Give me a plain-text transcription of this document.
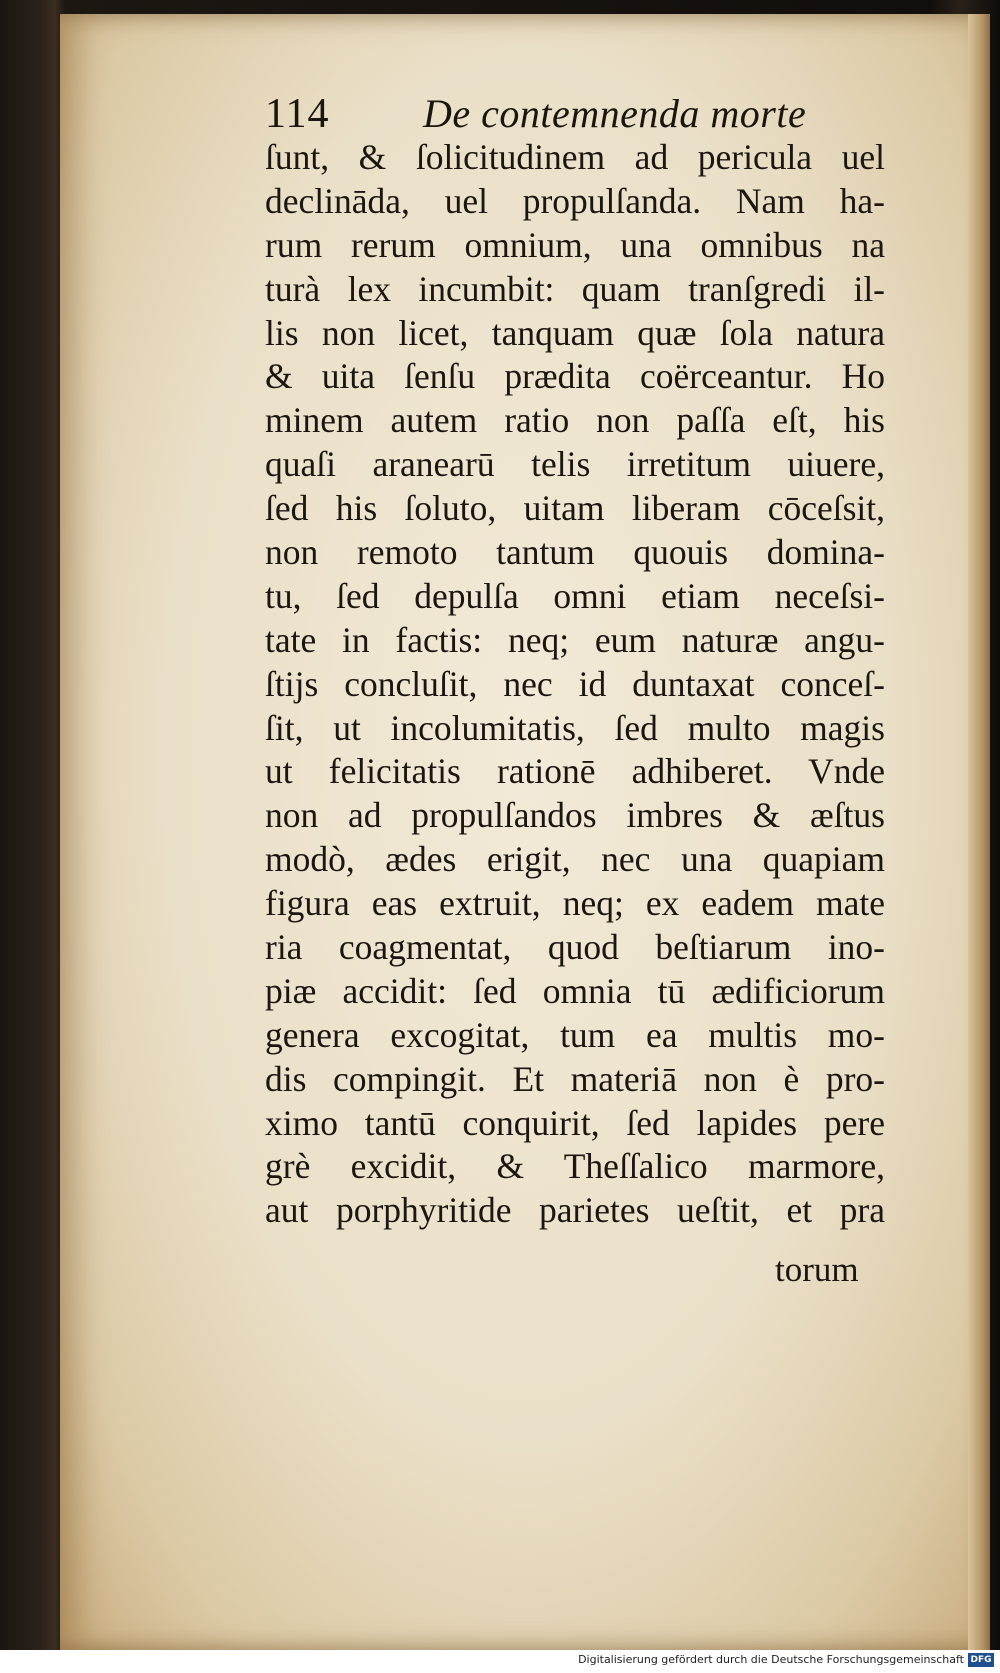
114 De contemnenda morte
ſunt, & ſolicitudinem ad pericula uel
declināda, uel propulſanda. Nam ha-
rum rerum omnium, una omnibus na
turà lex incumbit: quam tranſgredi il-
lis non licet, tanquam quæ ſola natura
& uita ſenſu prædita coërceantur. Ho
minem autem ratio non paſſa eſt, his
quaſi aranearū telis irretitum uiuere,
ſed his ſoluto, uitam liberam cōceſsit,
non remoto tantum quouis domina-
tu, ſed depulſa omni etiam neceſsi-
tate in factis: neq; eum naturæ angu-
ſtijs concluſit, nec id duntaxat conceſ-
ſit, ut incolumitatis, ſed multo magis
ut felicitatis rationē adhiberet. Vnde
non ad propulſandos imbres & æſtus
modò, ædes erigit, nec una quapiam
figura eas extruit, neq; ex eadem mate
ria coagmentat, quod beſtiarum ino-
piæ accidit: ſed omnia tū ædificiorum
genera excogitat, tum ea multis mo-
dis compingit. Et materiā non è pro-
ximo tantū conquirit, ſed lapides pere
grè excidit, & Theſſalico marmore,
aut porphyritide parietes ueſtit, et pra
torum
Digitalisierung gefördert durch die Deutsche Forschungsgemeinschaft DFG
